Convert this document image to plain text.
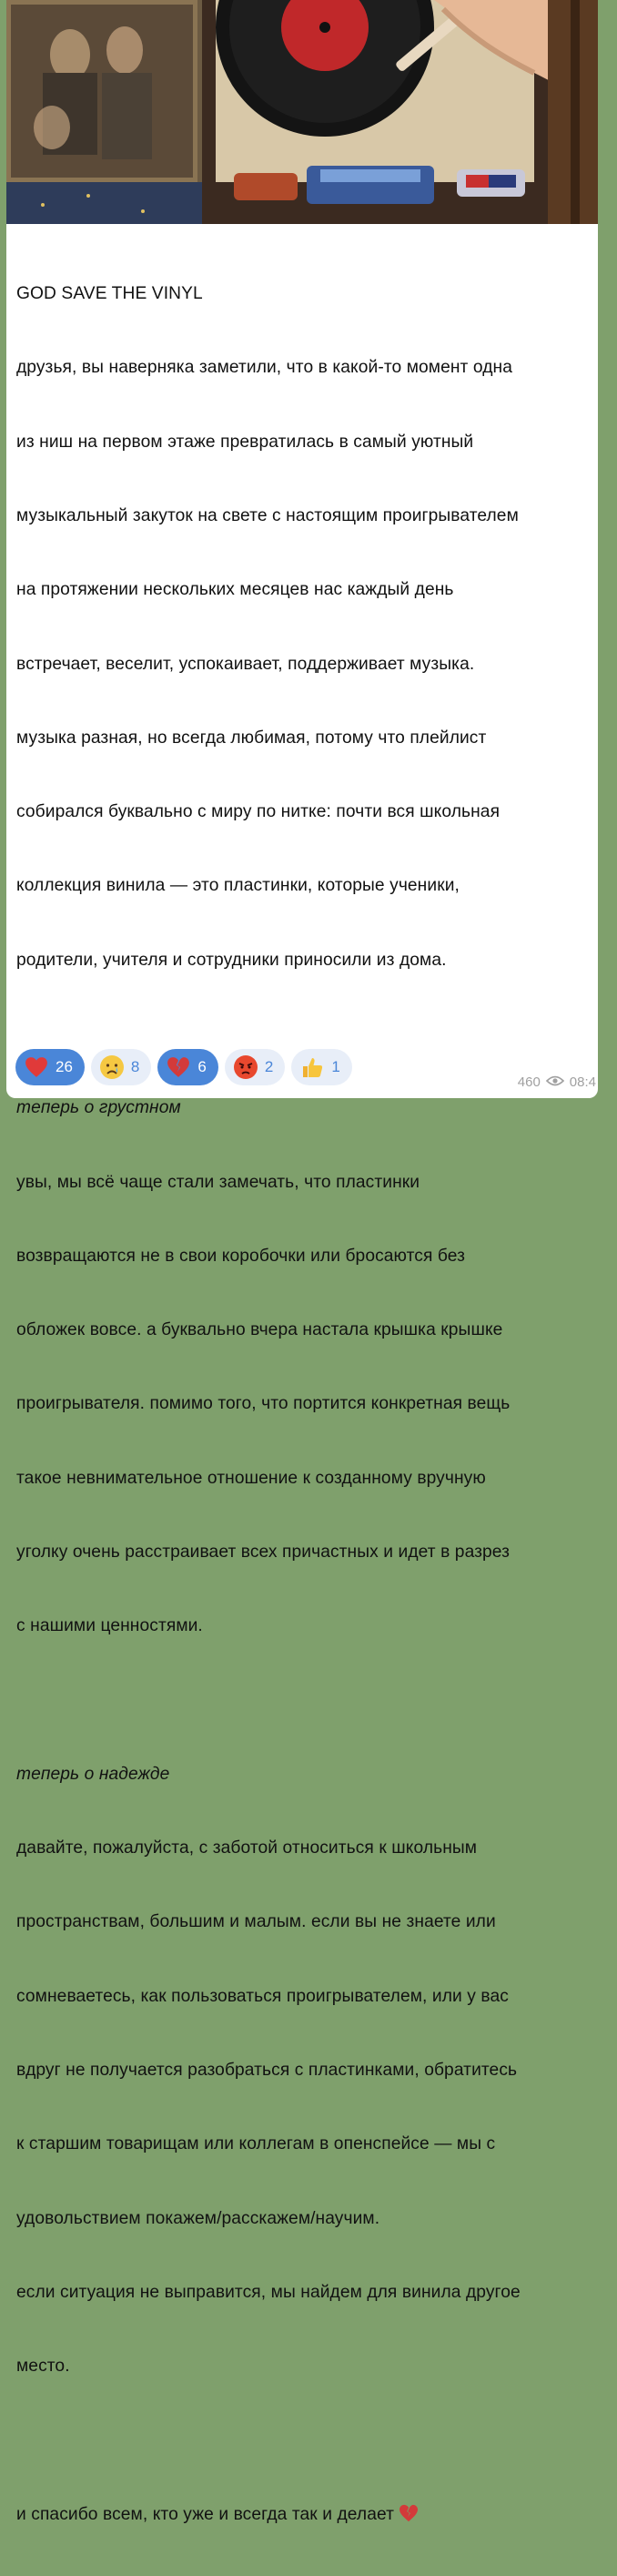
GOD SAVE THE VINYL

друзья, вы наверняка заметили, что в какой-то момент одна

из ниш на первом этаже превратилась в самый уютный

музыкальный закуток на свете с настоящим проигрывателем

на протяжении нескольких месяцев нас каждый день

встречает, веселит, успокаивает, поддерживает музыка.

музыка разная, но всегда любимая, потому что плейлист

собирался буквально с миру по нитке: почти вся школьная

коллекция винила — это пластинки, которые ученики,

родители, учителя и сотрудники приносили из дома.

теперь о грустном

увы, мы всё чаще стали замечать, что пластинки

возвращаются не в свои коробочки или бросаются без

обложек вовсе. а буквально вчера настала крышка крышке

проигрывателя. помимо того, что портится конкретная вещь

такое невнимательное отношение к созданному вручную

уголку очень расстраивает всех причастных и идет в разрез

с нашими ценностями.

теперь о надежде

давайте, пожалуйста, с заботой относиться к школьным

пространствам, большим и малым. если вы не знаете или

сомневаетесь, как пользоваться проигрывателем, или у вас

вдруг не получается разобраться с пластинками, обратитесь

к старшим товарищам или коллегам в опенспейсе — мы с

удовольствием покажем/расскажем/научим.

если ситуация не выправится, мы найдем для винила другое

место.

и спасибо всем, кто уже и всегда так и делает

26	8	6	2	1
460 08:4
